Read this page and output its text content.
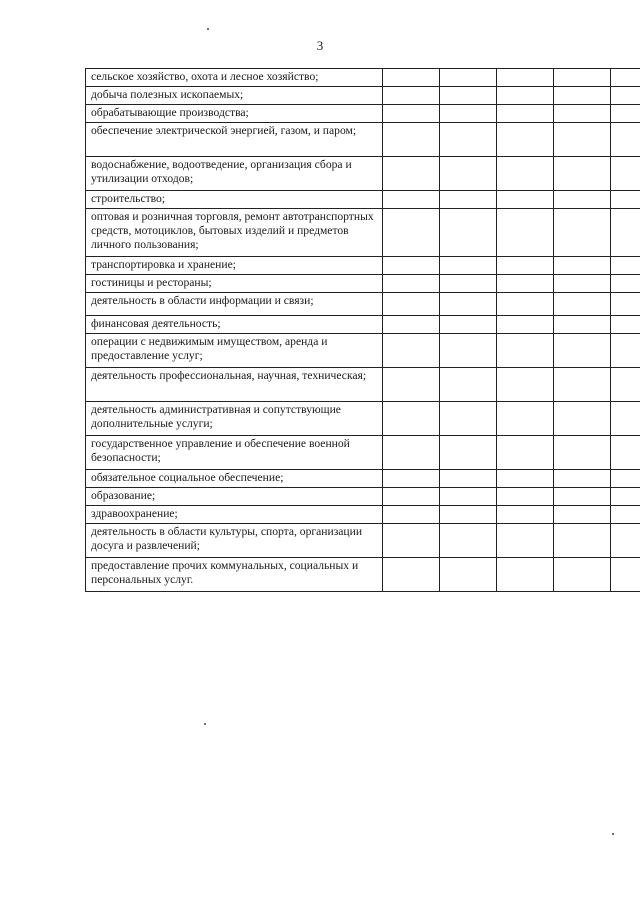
3
сельское хозяйство, охота и лесное хозяйство;					
добыча полезных ископаемых;					
обрабатывающие производства;					
обеспечение электрической энергией, газом, и паром;					
водоснабжение, водоотведение, организация сбора и утилизации отходов;					
строительство;					
оптовая и розничная торговля, ремонт автотранспортных средств, мотоциклов, бытовых изделий и предметов личного пользования;					
транспортировка и хранение;					
гостиницы и рестораны;					
деятельность в области информации и связи;					
финансовая деятельность;					
операции с недвижимым имуществом, аренда и предоставление услуг;					
деятельность профессиональная, научная, техническая;					
деятельность административная и сопутствующие дополнительные услуги;					
государственное управление и обеспечение военной безопасности;					
обязательное социальное обеспечение;					
образование;					
здравоохранение;					
деятельность в области культуры, спорта, организации досуга и развлечений;					
предоставление прочих коммунальных, социальных и персональных услуг.					
